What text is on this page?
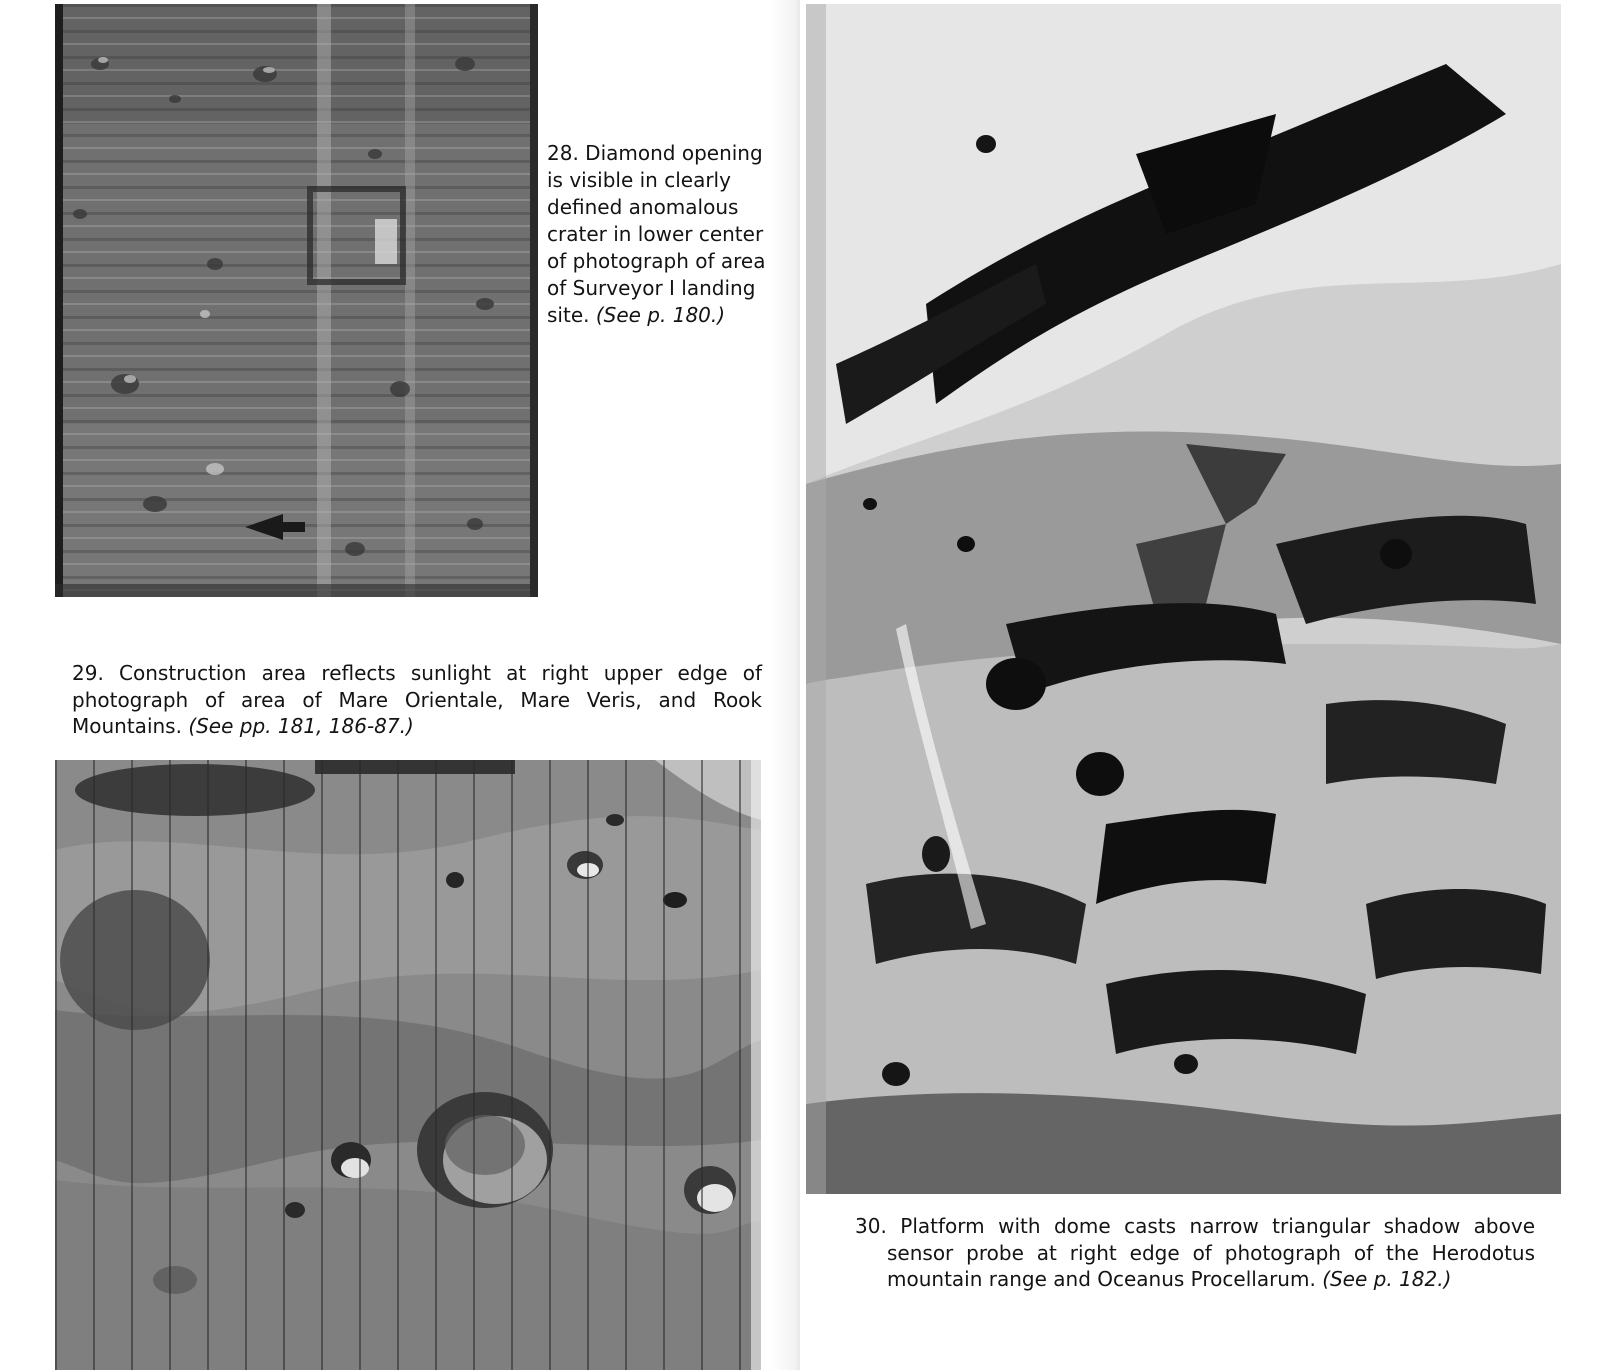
28. Diamond opening is visible in clearly defined anomalous crater in lower center of photograph of area of Surveyor I landing site. (See p. 180.)

29. Construction area reflects sunlight at right upper edge of photograph of area of Mare Orientale, Mare Veris, and Rook Mountains. (See pp. 181, 186-87.)

30. Platform with dome casts narrow triangular shadow above sensor probe at right edge of photograph of the Herodotus mountain range and Oceanus Procellarum. (See p. 182.)
